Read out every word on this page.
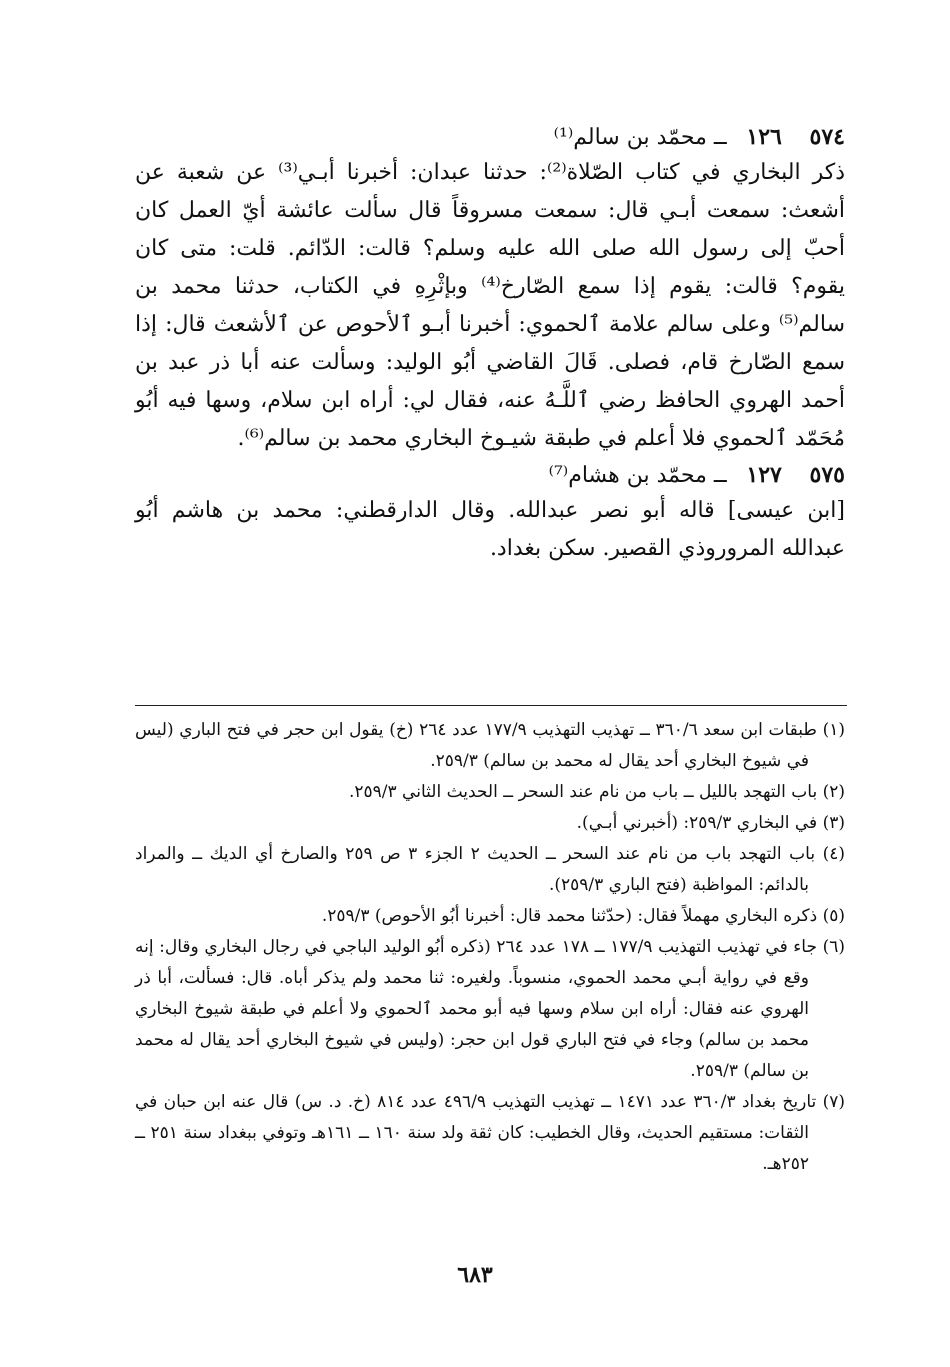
٥٧٤ ١٢٦ ــ محمّد بن سالم⁽¹⁾

ذكر البخاري في كتاب الصّلاة⁽²⁾: حدثنا عبدان: أخبرنا أبـي⁽³⁾ عن شعبة عن أشعث: سمعت أبـي قال: سمعت مسروقاً قال سألت عائشة أيّ العمل كان أحبّ إلى رسول الله صلى الله عليه وسلم؟ قالت: الدّائم. قلت: متى كان يقوم؟ قالت: يقوم إذا سمع الصّارخ⁽⁴⁾ وبإثْرِهِ في الكتاب، حدثنا محمد بن سالم⁽⁵⁾ وعلى سالم علامة ٱلحموي: أخبرنا أبـو ٱلأحوص عن ٱلأشعث قال: إذا سمع الصّارخ قام، فصلى. قَالَ القاضي أبُو الوليد: وسألت عنه أبا ذر عبد بن أحمد الهروي الحافظ رضي ٱللَّـهُ عنه، فقال لي: أراه ابن سلام، وسها فيه أبُو مُحَمّد ٱلحموي فلا أعلم في طبقة شيـوخ البخاري محمد بن سالم⁽⁶⁾.

٥٧٥ ١٢٧ ــ محمّد بن هشام⁽⁷⁾

[ابن عيسى] قاله أبو نصر عبدالله. وقال الدارقطني: محمد بن هاشم أبُو عبدالله المروروذي القصير. سكن بغداد.

(١) طبقات ابن سعد ٣٦٠/٦ ــ تهذيب التهذيب ١٧٧/٩ عدد ٢٦٤ (خ) يقول ابن حجر في فتح الباري (ليس في شيوخ البخاري أحد يقال له محمد بن سالم) ٢٥٩/٣.

(٢) باب التهجد بالليل ــ باب من نام عند السحر ــ الحديث الثاني ٢٥٩/٣.

(٣) في البخاري ٢٥٩/٣: (أخبرني أبـي).

(٤) باب التهجد باب من نام عند السحر ــ الحديث ٢ الجزء ٣ ص ٢٥٩ والصارخ أي الديك ــ والمراد بالدائم: المواظبة (فتح الباري ٢٥٩/٣).

(٥) ذكره البخاري مهملاً فقال: (حدّثنا محمد قال: أخبرنا أبُو الأحوص) ٢٥٩/٣.

(٦) جاء في تهذيب التهذيب ١٧٧/٩ ــ ١٧٨ عدد ٢٦٤ (ذكره أبُو الوليد الباجي في رجال البخاري وقال: إنه وقع في رواية أبـي محمد الحموي، منسوباً. ولغيره: ثنا محمد ولم يذكر أباه. قال: فسألت، أبا ذر الهروي عنه فقال: أراه ابن سلام وسها فيه أبو محمد ٱلحموي ولا أعلم في طبقة شيوخ البخاري محمد بن سالم) وجاء في فتح الباري قول ابن حجر: (وليس في شيوخ البخاري أحد يقال له محمد بن سالم) ٢٥٩/٣.

(٧) تاريخ بغداد ٣٦٠/٣ عدد ١٤٧١ ــ تهذيب التهذيب ٤٩٦/٩ عدد ٨١٤ (خ. د. س) قال عنه ابن حبان في الثقات: مستقيم الحديث، وقال الخطيب: كان ثقة ولد سنة ١٦٠ ــ ١٦١هـ وتوفي ببغداد سنة ٢٥١ ــ ٢٥٢هـ.

٦٨٣
